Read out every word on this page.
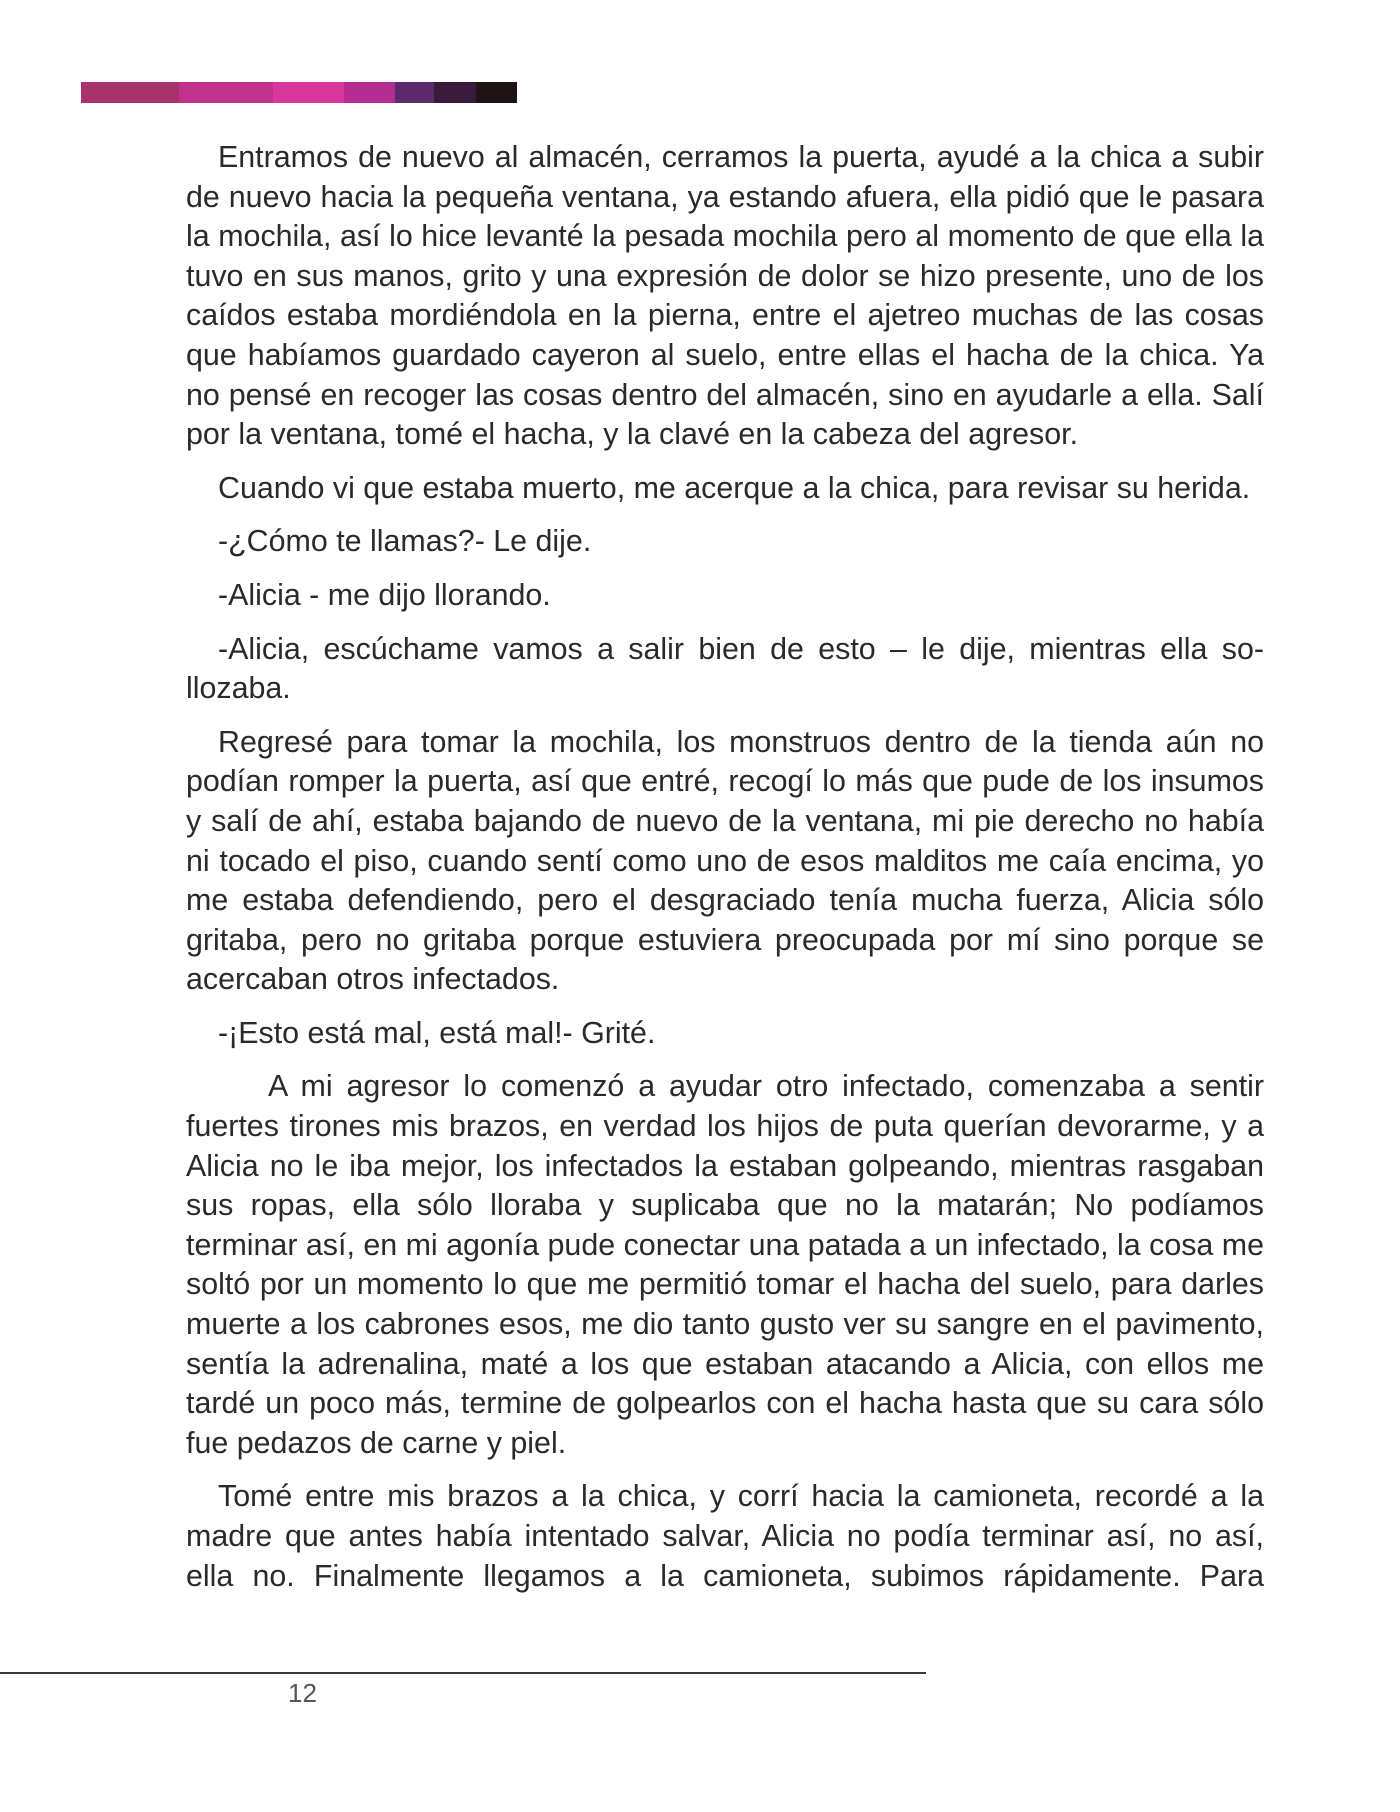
Entramos de nuevo al almacén, cerramos la puerta, ayudé a la chica a subir de nuevo hacia la pequeña ventana, ya estando afuera, ella pidió que le pasara la mochila, así lo hice levanté la pesada mochila pero al momento de que ella la tuvo en sus manos, grito y una expresión de dolor se hizo presente, uno de los caídos estaba mordiéndola en la pierna, entre el ajetreo muchas de las cosas que habíamos guardado cayeron al suelo, entre ellas el hacha de la chica. Ya no pensé en recoger las cosas dentro del almacén, sino en ayudarle a ella. Salí por la ventana, tomé el hacha, y la clavé en la cabeza del agresor.

Cuando vi que estaba muerto, me acerque a la chica, para revisar su herida.

-¿Cómo te llamas?- Le dije.

-Alicia - me dijo llorando.

-Alicia, escúchame vamos a salir bien de esto – le dije, mientras ella sollozaba.

Regresé para tomar la mochila, los monstruos dentro de la tienda aún no podían romper la puerta, así que entré, recogí lo más que pude de los insumos y salí de ahí, estaba bajando de nuevo de la ventana, mi pie derecho no había ni tocado el piso, cuando sentí como uno de esos malditos me caía encima, yo me estaba defendiendo, pero el desgraciado tenía mucha fuerza, Alicia sólo gritaba, pero no gritaba porque estuviera preocupada por mí sino porque se acercaban otros infectados.

-¡Esto está mal, está mal!- Grité.

A mi agresor lo comenzó a ayudar otro infectado, comenzaba a sentir fuertes tirones mis brazos, en verdad los hijos de puta querían devorarme, y a Alicia no le iba mejor, los infectados la estaban golpeando, mientras rasgaban sus ropas, ella sólo lloraba y suplicaba que no la matarán; No podíamos terminar así, en mi agonía pude conectar una patada a un infectado, la cosa me soltó por un momento lo que me permitió tomar el hacha del suelo, para darles muerte a los cabrones esos, me dio tanto gusto ver su sangre en el pavimento, sentía la adrenalina, maté a los que estaban atacando a Alicia, con ellos me tardé un poco más, termine de golpearlos con el hacha hasta que su cara sólo fue pedazos de carne y piel.

Tomé entre mis brazos a la chica, y corrí hacia la camioneta, recordé a la madre que antes había intentado salvar, Alicia no podía terminar así, no así, ella no. Finalmente llegamos a la camioneta, subimos rápidamente. Para

12
